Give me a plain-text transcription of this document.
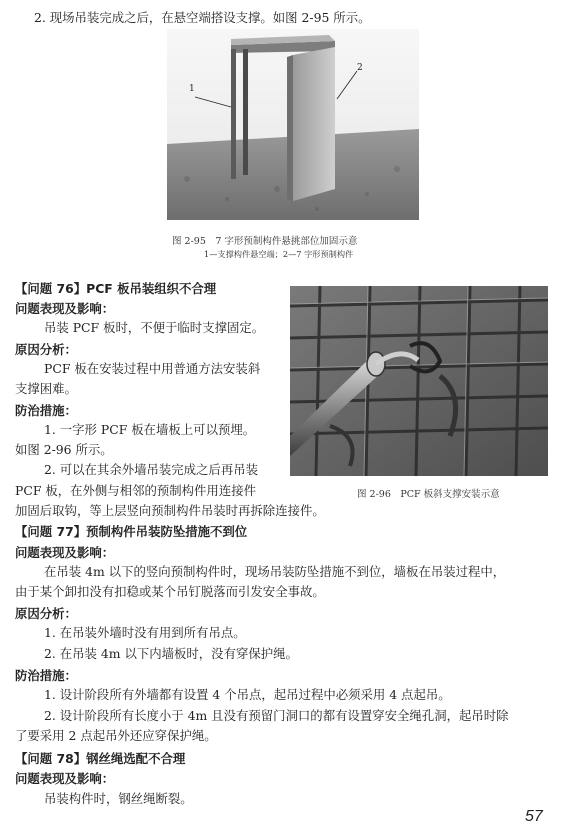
2. 现场吊装完成之后，在悬空端搭设支撑。如图 2-95 所示。
1
2
图 2-95　7 字形预制构件悬挑部位加固示意
1—支撑构件悬空端；2—7 字形预制构件
【问题 76】PCF 板吊装组织不合理
问题表现及影响：
吊装 PCF 板时，不便于临时支撑固定。
原因分析：
PCF 板在安装过程中用普通方法安装斜
支撑困难。
防治措施：
1. 一字形 PCF 板在墙板上可以预埋。
如图 2-96 所示。
2. 可以在其余外墙吊装完成之后再吊装
PCF 板，在外侧与相邻的预制构件用连接件
加固后取钩，等上层竖向预制构件吊装时再拆除连接件。
图 2-96　PCF 板斜支撑安装示意
【问题 77】预制构件吊装防坠措施不到位
问题表现及影响：
在吊装 4m 以下的竖向预制构件时，现场吊装防坠措施不到位，墙板在吊装过程中，
由于某个卸扣没有扣稳或某个吊钉脱落而引发安全事故。
原因分析：
1. 在吊装外墙时没有用到所有吊点。
2. 在吊装 4m 以下内墙板时，没有穿保护绳。
防治措施：
1. 设计阶段所有外墙都有设置 4 个吊点，起吊过程中必须采用 4 点起吊。
2. 设计阶段所有长度小于 4m 且没有预留门洞口的都有设置穿安全绳孔洞，起吊时除
了要采用 2 点起吊外还应穿保护绳。
【问题 78】钢丝绳选配不合理
问题表现及影响：
吊装构件时，钢丝绳断裂。
57
